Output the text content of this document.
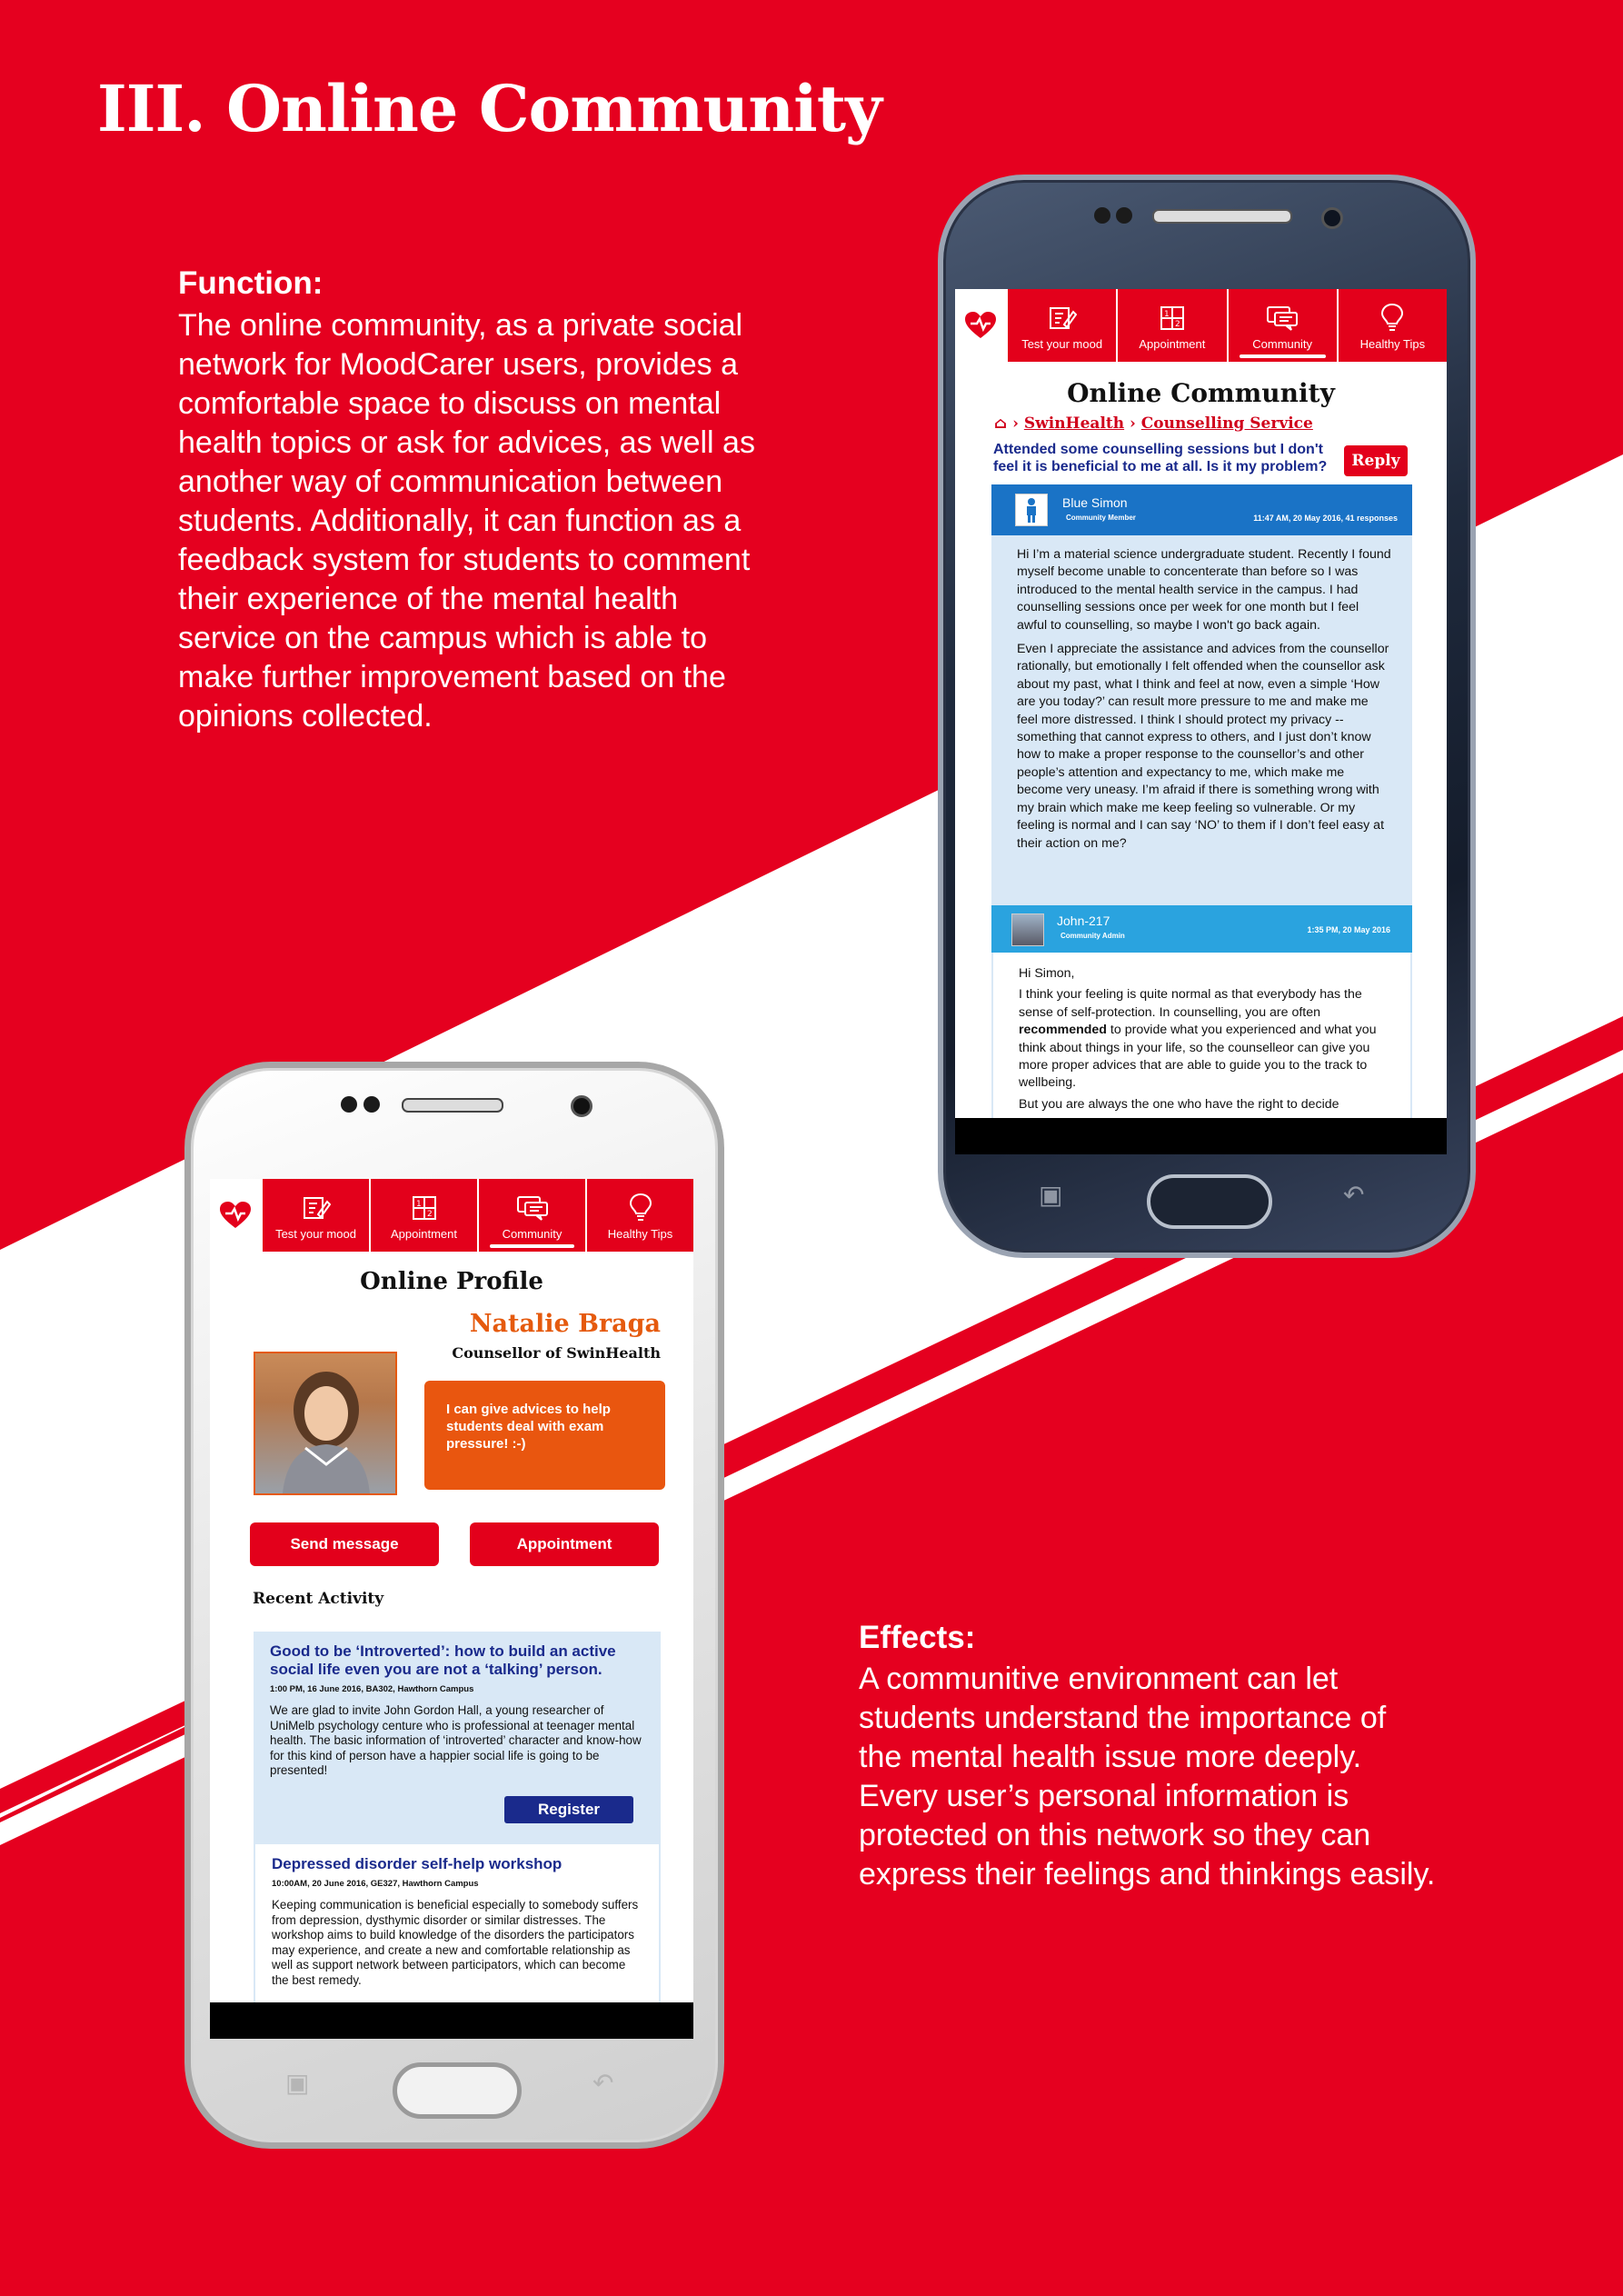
III. Online Community
Function:
The online community, as a private social
network for MoodCarer users, provides a
comfortable space to discuss on mental
health topics or ask for advices, as well as
another way of communication between
students. Additionally, it can function as a
feedback system for students to comment
their experience of the mental health
service on the campus which is able to
make further improvement based on the
opinions collected.
Effects:
A communitive environment can let
students understand the importance of
the mental health issue more deeply.
Every user’s personal information is
protected on this network so they can
express their feelings and thinkings easily.
Test your mood
1
2
Appointment	Community	Healthy Tips
Online Community
⌂ › SwinHealth › Counselling Service
Attended some counselling sessions but I don't feel it is beneficial to me at all. Is it my problem?	Reply
Blue Simon
Community Member	11:47 AM, 20 May 2016, 41 responses

Hi I’m a material science undergraduate student. Recently I found myself become unable to concenterate than before so I was introduced to the mental health service in the campus. I had counselling sessions once per week for one month but I feel awful to counselling, so maybe I won't go back again.

Even I appreciate the assistance and advices from the counsellor rationally, but emotionally I felt offended when the counsellor ask about my past, what I think and feel at now, even a simple ‘How are you today?’ can result more pressure to me and make me feel more distressed. I think I should protect my privacy -- something that cannot express to others, and I just don’t know how to make a proper response to the counsellor’s and other people’s attention and expectancy to me, which make me become very uneasy. I’m afraid if there is something wrong with my brain which make me keep feeling so vulnerable. Or my feeling is normal and I can say ‘NO’ to them if I don’t feel easy at their action on me?

John-217
Community Admin
1:35 PM, 20 May 2016

Hi Simon,

I think your feeling is quite normal as that everybody has the sense of self-protection. In counselling, you are often recommended to provide what you experienced and what you think about things in your life, so the counselleor can give you more proper advices that are able to guide you to the track to wellbeing.

But you are always the one who have the right to decide

▣	↶
Test your mood
1
2
Appointment	Community	Healthy Tips
Online Profile
Natalie Braga
Counsellor of SwinHealth
I can give advices to help students deal with exam pressure! :-)
Send message	Appointment
Recent Activity
Good to be ‘Introverted’: how to build an active social life even you are not a ‘talking’ person.
1:00 PM, 16 June 2016, BA302, Hawthorn Campus
We are glad to invite John Gordon Hall, a young researcher of UniMelb psychology centure who is professional at teenager mental health. The basic information of ‘introverted’ character and know-how for this kind of person have a happier social life is going to be presented!
Register
Depressed disorder self-help workshop
10:00AM, 20 June 2016, GE327, Hawthorn Campus
Keeping communication is beneficial especially to somebody suffers from depression, dysthymic disorder or similar distresses. The workshop aims to build knowledge of the disorders the participators may experience, and create a new and comfortable relationship as well as support network between participators, which can become the best remedy.
▣	↶
